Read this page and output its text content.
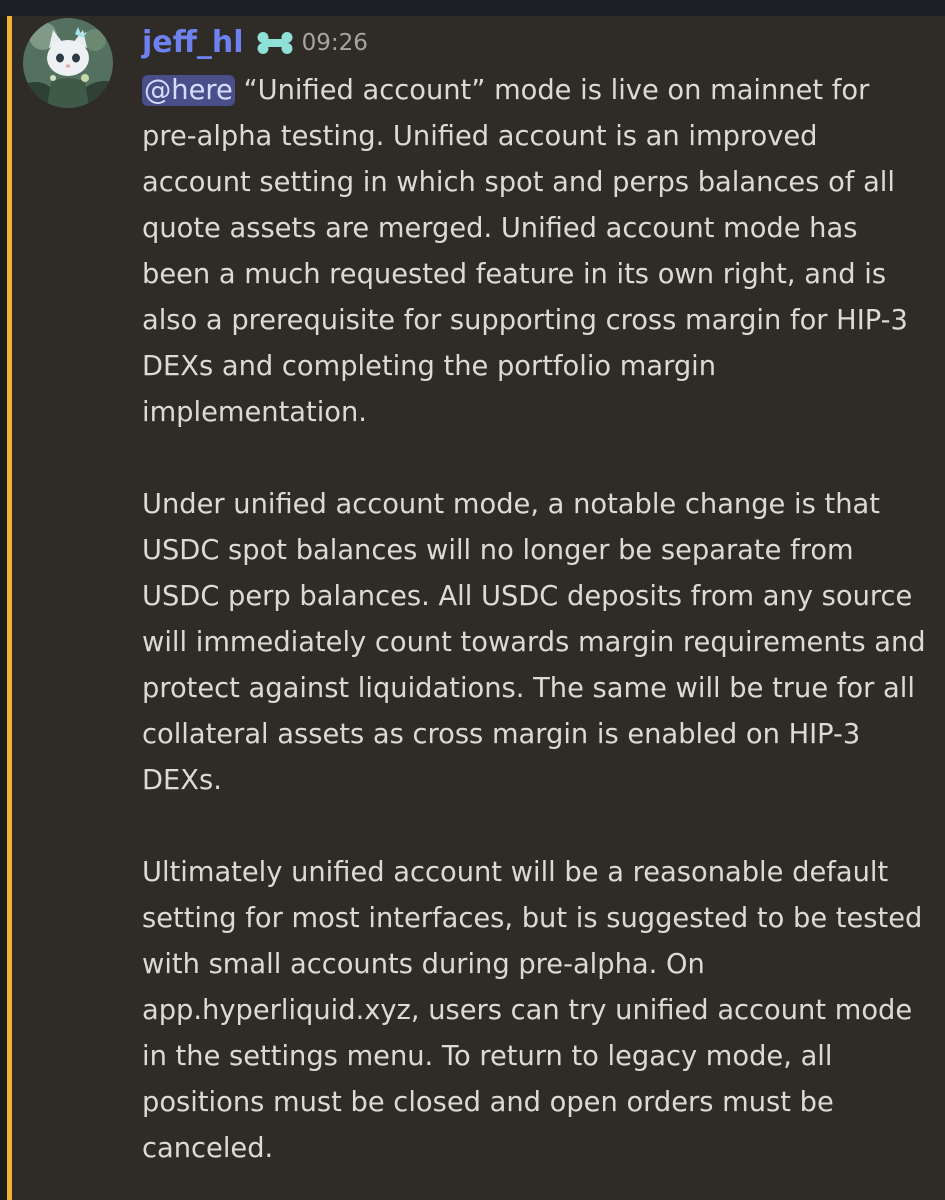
jeff_hl	09:26

@here “Unified account” mode is live on mainnet for pre-alpha testing. Unified account is an improved account setting in which spot and perps balances of all quote assets are merged. Unified account mode has been a much requested feature in its own right, and is also a prerequisite for supporting cross margin for HIP-3 DEXs and completing the portfolio margin implementation.

Under unified account mode, a notable change is that USDC spot balances will no longer be separate from USDC perp balances. All USDC deposits from any source will immediately count towards margin requirements and protect against liquidations. The same will be true for all collateral assets as cross margin is enabled on HIP-3 DEXs.

Ultimately unified account will be a reasonable default setting for most interfaces, but is suggested to be tested with small accounts during pre-alpha. On app.hyperliquid.xyz, users can try unified account mode in the settings menu. To return to legacy mode, all positions must be closed and open orders must be canceled.
